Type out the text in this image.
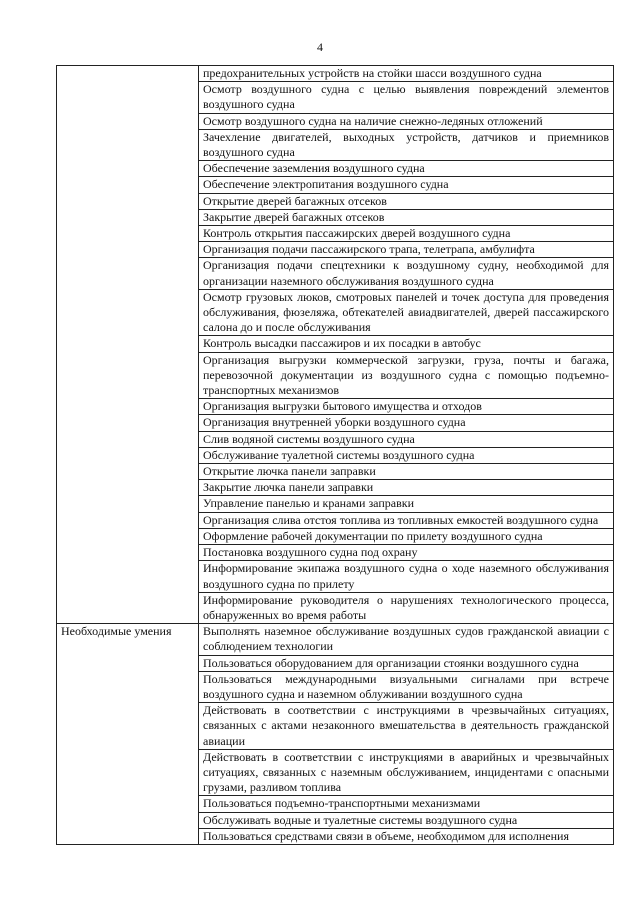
4
	предохранительных устройств на стойки шасси воздушного судна
	Осмотр воздушного судна с целью выявления повреждений элементов воздушного судна
	Осмотр воздушного судна на наличие снежно-ледяных отложений
	Зачехление двигателей, выходных устройств, датчиков и приемников воздушного судна
	Обеспечение заземления воздушного судна
	Обеспечение электропитания воздушного судна
	Открытие дверей багажных отсеков
	Закрытие дверей багажных отсеков
	Контроль открытия пассажирских дверей воздушного судна
	Организация подачи пассажирского трапа, телетрапа, амбулифта
	Организация подачи спецтехники к воздушному судну, необходимой для организации наземного обслуживания воздушного судна
	Осмотр грузовых люков, смотровых панелей и точек доступа для проведения обслуживания, фюзеляжа, обтекателей авиадвигателей, дверей пассажирского салона до и после обслуживания
	Контроль высадки пассажиров и их посадки в автобус
	Организация выгрузки коммерческой загрузки, груза, почты и багажа, перевозочной документации из воздушного судна с помощью подъемно-транспортных механизмов
	Организация выгрузки бытового имущества и отходов
	Организация внутренней уборки воздушного судна
	Слив водяной системы воздушного судна
	Обслуживание туалетной системы воздушного судна
	Открытие лючка панели заправки
	Закрытие лючка панели заправки
	Управление панелью и кранами заправки
	Организация слива отстоя топлива из топливных емкостей воздушного судна
	Оформление рабочей документации по прилету воздушного судна
	Постановка воздушного судна под охрану
	Информирование экипажа воздушного судна о ходе наземного обслуживания воздушного судна по прилету
	Информирование руководителя о нарушениях технологического процесса, обнаруженных во время работы
Необходимые умения	Выполнять наземное обслуживание воздушных судов гражданской авиации с соблюдением технологии
	Пользоваться оборудованием для организации стоянки воздушного судна
	Пользоваться международными визуальными сигналами при встрече воздушного судна и наземном облуживании воздушного судна
	Действовать в соответствии с инструкциями в чрезвычайных ситуациях, связанных с актами незаконного вмешательства в деятельность гражданской авиации
	Действовать в соответствии с инструкциями в аварийных и чрезвычайных ситуациях, связанных с наземным обслуживанием, инцидентами с опасными грузами, разливом топлива
	Пользоваться подъемно-транспортными механизмами
	Обслуживать водные и туалетные системы воздушного судна
	Пользоваться средствами связи в объеме, необходимом для исполнения
